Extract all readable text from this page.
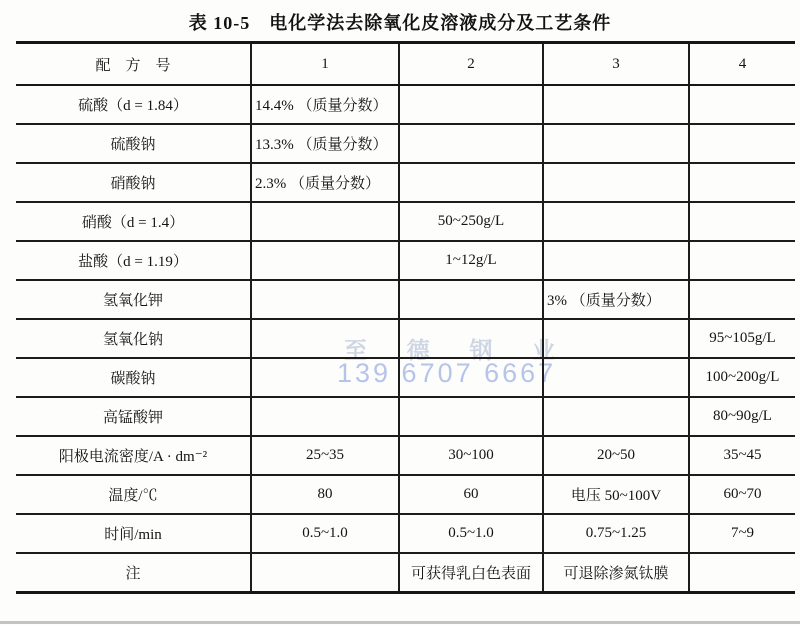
表 10-5　电化学法去除氧化皮溶液成分及工艺条件
至 德 钢 业
139 6707 6667
配　方　号	1	2	3	4
硫酸（d = 1.84）	14.4% （质量分数）			
硫酸钠	13.3% （质量分数）			
硝酸钠	2.3% （质量分数）			
硝酸（d = 1.4）		50~250g/L		
盐酸（d = 1.19）		1~12g/L		
氢氧化钾			3% （质量分数）	
氢氧化钠				95~105g/L
碳酸钠				100~200g/L
高锰酸钾				80~90g/L
阳极电流密度/A · dm⁻²	25~35	30~100	20~50	35~45
温度/℃	80	60	电压 50~100V	60~70
时间/min	0.5~1.0	0.5~1.0	0.75~1.25	7~9
注		可获得乳白色表面	可退除渗氮钛膜	
